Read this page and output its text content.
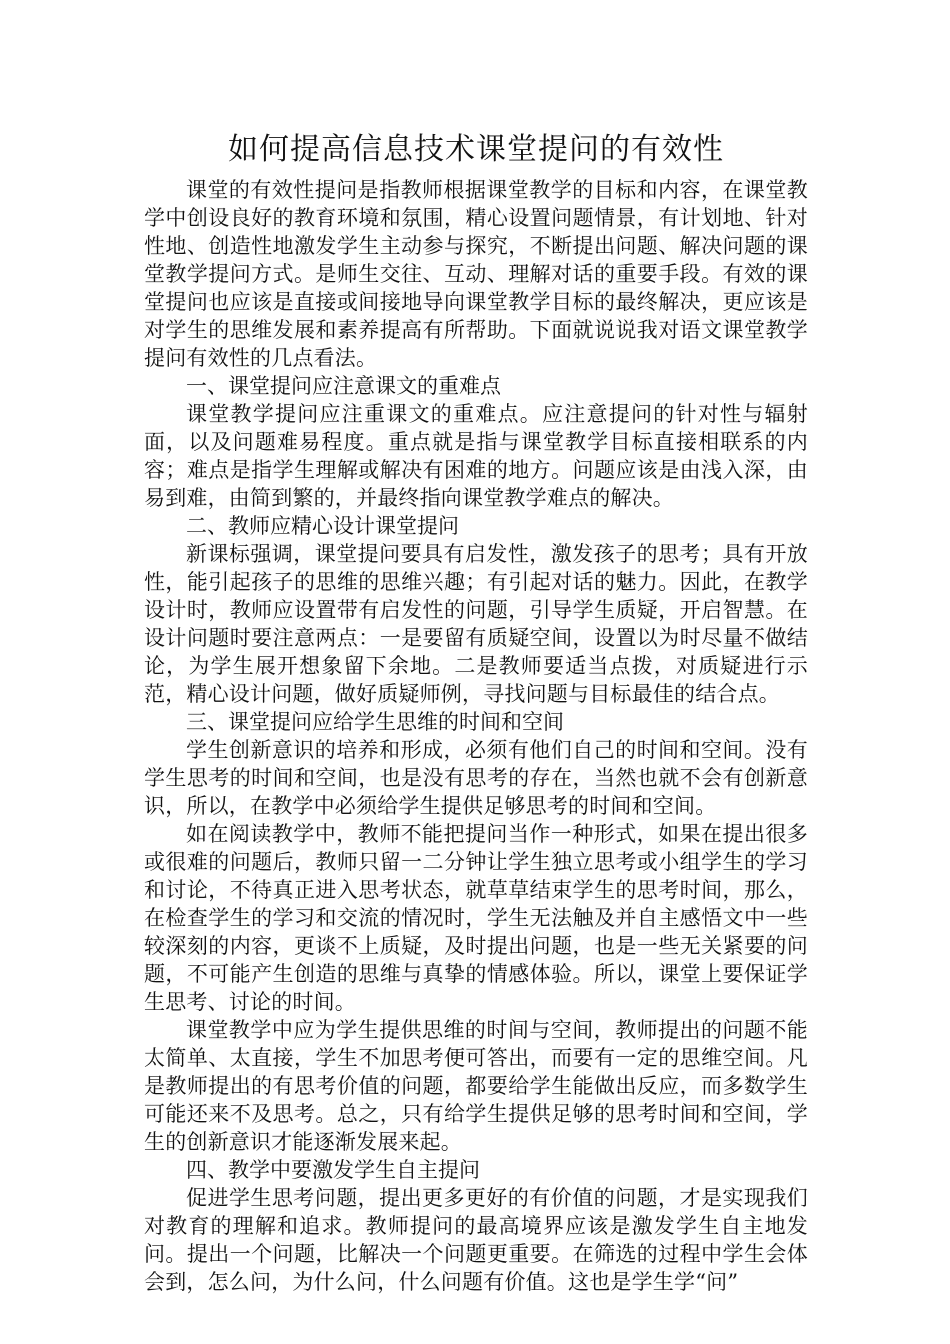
如何提高信息技术课堂提问的有效性

课堂的有效性提问是指教师根据课堂教学的目标和内容，在课堂教学中创设良好的教育环境和氛围，精心设置问题情景，有计划地、针对性地、创造性地激发学生主动参与探究，不断提出问题、解决问题的课堂教学提问方式。是师生交往、互动、理解对话的重要手段。有效的课堂提问也应该是直接或间接地导向课堂教学目标的最终解决，更应该是对学生的思维发展和素养提高有所帮助。下面就说说我对语文课堂教学提问有效性的几点看法。

一、课堂提问应注意课文的重难点

课堂教学提问应注重课文的重难点。应注意提问的针对性与辐射面，以及问题难易程度。重点就是指与课堂教学目标直接相联系的内容；难点是指学生理解或解决有困难的地方。问题应该是由浅入深，由易到难，由简到繁的，并最终指向课堂教学难点的解决。

二、教师应精心设计课堂提问

新课标强调，课堂提问要具有启发性，激发孩子的思考；具有开放性，能引起孩子的思维的思维兴趣；有引起对话的魅力。因此，在教学设计时，教师应设置带有启发性的问题，引导学生质疑，开启智慧。在设计问题时要注意两点：一是要留有质疑空间，设置以为时尽量不做结论，为学生展开想象留下余地。二是教师要适当点拨，对质疑进行示范，精心设计问题，做好质疑师例，寻找问题与目标最佳的结合点。

三、课堂提问应给学生思维的时间和空间

学生创新意识的培养和形成，必须有他们自己的时间和空间。没有学生思考的时间和空间，也是没有思考的存在，当然也就不会有创新意识，所以，在教学中必须给学生提供足够思考的时间和空间。

如在阅读教学中，教师不能把提问当作一种形式，如果在提出很多或很难的问题后，教师只留一二分钟让学生独立思考或小组学生的学习和讨论，不待真正进入思考状态，就草草结束学生的思考时间，那么，在检查学生的学习和交流的情况时，学生无法触及并自主感悟文中一些较深刻的内容，更谈不上质疑，及时提出问题，也是一些无关紧要的问题，不可能产生创造的思维与真挚的情感体验。所以，课堂上要保证学生思考、讨论的时间。

课堂教学中应为学生提供思维的时间与空间，教师提出的问题不能太简单、太直接，学生不加思考便可答出，而要有一定的思维空间。凡是教师提出的有思考价值的问题，都要给学生能做出反应，而多数学生可能还来不及思考。总之，只有给学生提供足够的思考时间和空间，学生的创新意识才能逐渐发展来起。

四、教学中要激发学生自主提问

促进学生思考问题，提出更多更好的有价值的问题，才是实现我们对教育的理解和追求。教师提问的最高境界应该是激发学生自主地发问。提出一个问题，比解决一个问题更重要。在筛选的过程中学生会体会到，怎么问，为什么问，什么问题有价值。这也是学生学“问”
